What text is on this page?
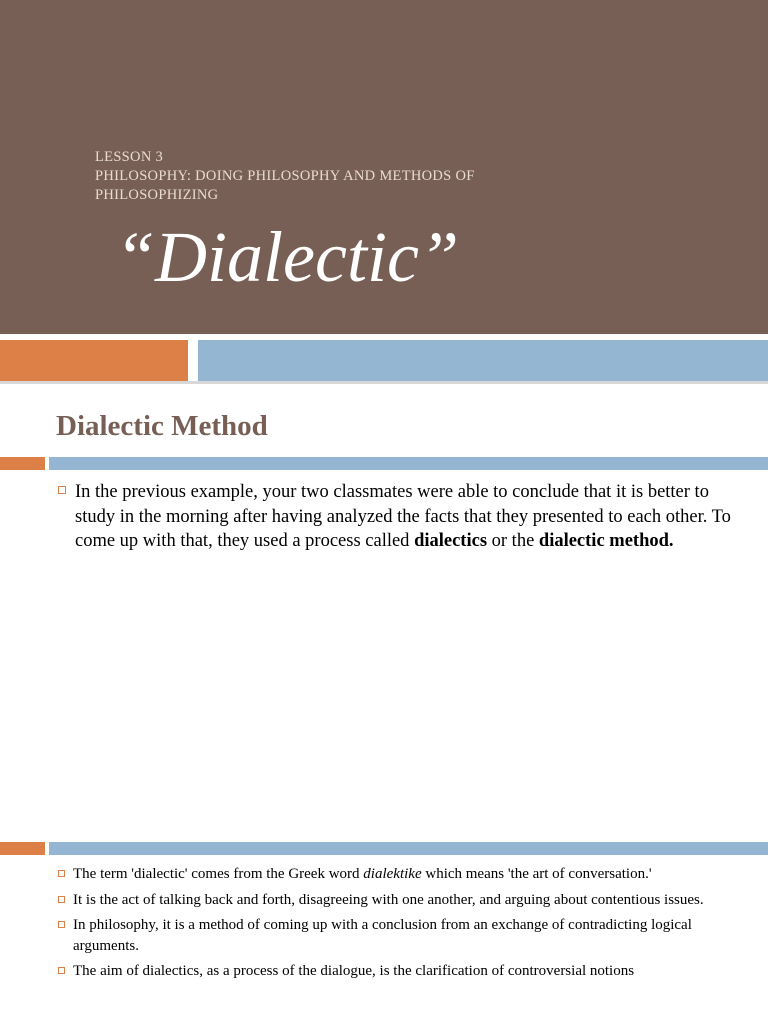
LESSON 3
PHILOSOPHY: DOING PHILOSOPHY AND METHODS OF
PHILOSOPHIZING
“Dialectic”
Dialectic Method
In the previous example, your two classmates were able to conclude that it is better to study in the morning after having analyzed the facts that they presented to each other. To come up with that, they used a process called dialectics or the dialectic method.
The term 'dialectic' comes from the Greek word dialektike which means 'the art of conversation.'
It is the act of talking back and forth, disagreeing with one another, and arguing about contentious issues.
In philosophy, it is a method of coming up with a conclusion from an exchange of contradicting logical arguments.
The aim of dialectics, as a process of the dialogue, is the clarification of controversial notions
